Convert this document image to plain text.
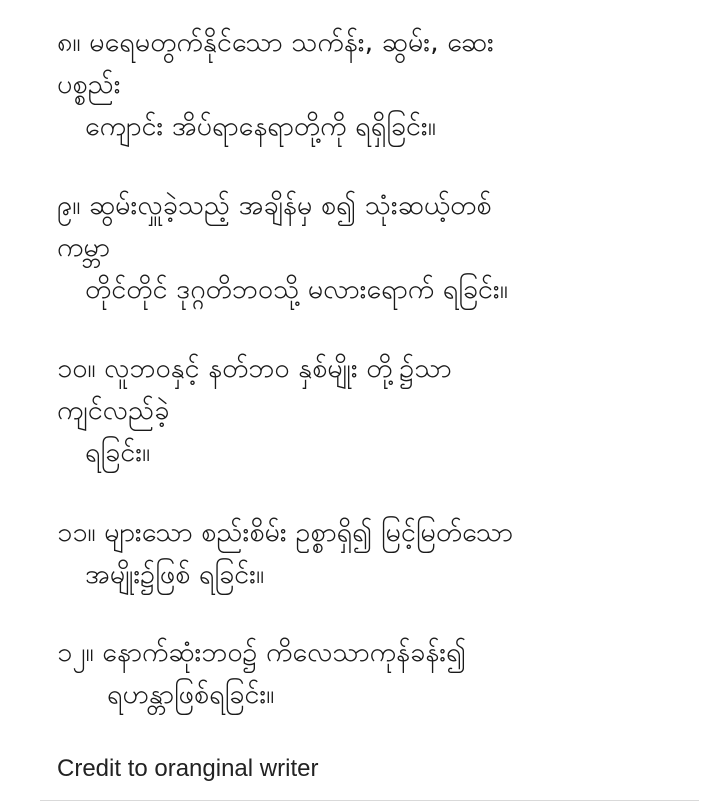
၈။ မရေမတွက်နိုင်သော သက်န်း, ဆွမ်း, ဆေး
ပစ္စည်း
ကျောင်း အိပ်ရာနေရာတို့ကို ရရှိခြင်း။
၉။ ဆွမ်းလှူခဲ့သည့် အချိန်မှ စ၍ သုံးဆယ့်တစ်
ကမ္ဘာ
တိုင်တိုင် ဒုဂ္ဂတိဘဝသို့ မလားရောက် ရခြင်း။
၁၀။ လူဘဝနှင့် နတ်ဘဝ နှစ်မျိုး တို့၌သာ
ကျင်လည်ခဲ့
ရခြင်း။
၁၁။ များသော စည်းစိမ်း ဥစ္စာရှိ၍ မြင့်မြတ်သော
အမျိုး၌ဖြစ် ရခြင်း။
၁၂။ နောက်ဆုံးဘဝ၌ ကိလေသာကုန်ခန်း၍
ရဟန္တာဖြစ်ရခြင်း။
Credit to oranginal writer
